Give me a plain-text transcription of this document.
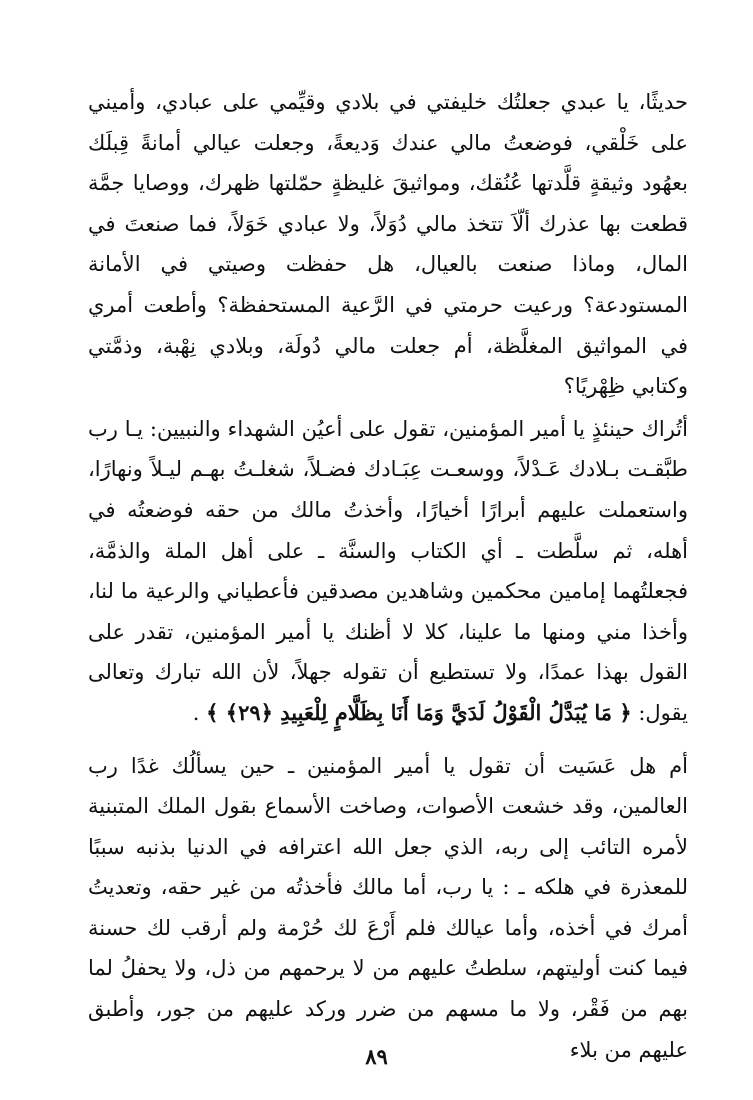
حديثًا، يا عبدي جعلتُك خليفتي في بلادي وقيِّمي على عبادي، وأميني على خَلْقي، فوضعتُ مالي عندك وَديعةً، وجعلت عيالي أمانةً قِبلَك بعهُود وثيقةٍ قلَّدتها عُنُقك، ومواثيقَ غليظةٍ حمّلتها ظهرك، ووصايا جمَّة قطعت بها عذرك ألّاَ تتخذ مالي دُوَلاً، ولا عبادي خَوَلاً، فما صنعتَ في المال، وماذا صنعت بالعيال، هل حفظت وصيتي في الأمانة المستودعة؟ ورعيت حرمتي في الرَّعية المستحفظة؟ وأطعت أمري في المواثيق المغلَّظة، أم جعلت مالي دُولَة، وبلادي نِهْبة، وذمَّتي وكتابي ظِهْريًا؟

أتُراك حينئذٍ يا أمير المؤمنين، تقول على أعيُن الشهداء والنبيين: يـا رب طبَّقـت بـلادك عَـدْلاً، ووسعـت عِبَـادك فضـلاً، شغلـتُ بهـم ليـلاً ونهارًا، واستعملت عليهم أبرارًا أخيارًا، وأخذتُ مالك من حقه فوضعتُه في أهله، ثم سلَّطت ـ أي الكتاب والسنَّة ـ على أهل الملة والذمَّة، فجعلتُهما إمامين محكمين وشاهدين مصدقين فأعطياني والرعية ما لنا، وأخذا مني ومنها ما علينا، كلا لا أظنك يا أمير المؤمنين، تقدر على القول بهذا عمدًا، ولا تستطيع أن تقوله جهلاً، لأن الله تبارك وتعالى يقول: ﴿ مَا يُبَدَّلُ الْقَوْلُ لَدَيَّ وَمَا أَنَا بِظَلَّامٍ لِلْعَبِيدِ ﴿٢٩﴾ ﴾ .

أم هل عَسَيت أن تقول يا أمير المؤمنين ـ حين يسألُك غدًا رب العالمين، وقد خشعت الأصوات، وصاخت الأسماع بقول الملك المتبنية لأمره التائب إلى ربه، الذي جعل الله اعترافه في الدنيا بذنبه سببًا للمعذرة في هلكه ـ : يا رب، أما مالك فأخذتُه من غير حقه، وتعديتُ أمرك في أخذه، وأما عيالك فلم أَرْعَ لك حُرْمة ولم أرقب لك حسنة فيما كنت أوليتهم، سلطتُ عليهم من لا يرحمهم من ذل، ولا يحفلُ لما بهم من فَقْر، ولا ما مسهم من ضرر وركد عليهم من جور، وأطبق عليهم من بلاء

٨٩
